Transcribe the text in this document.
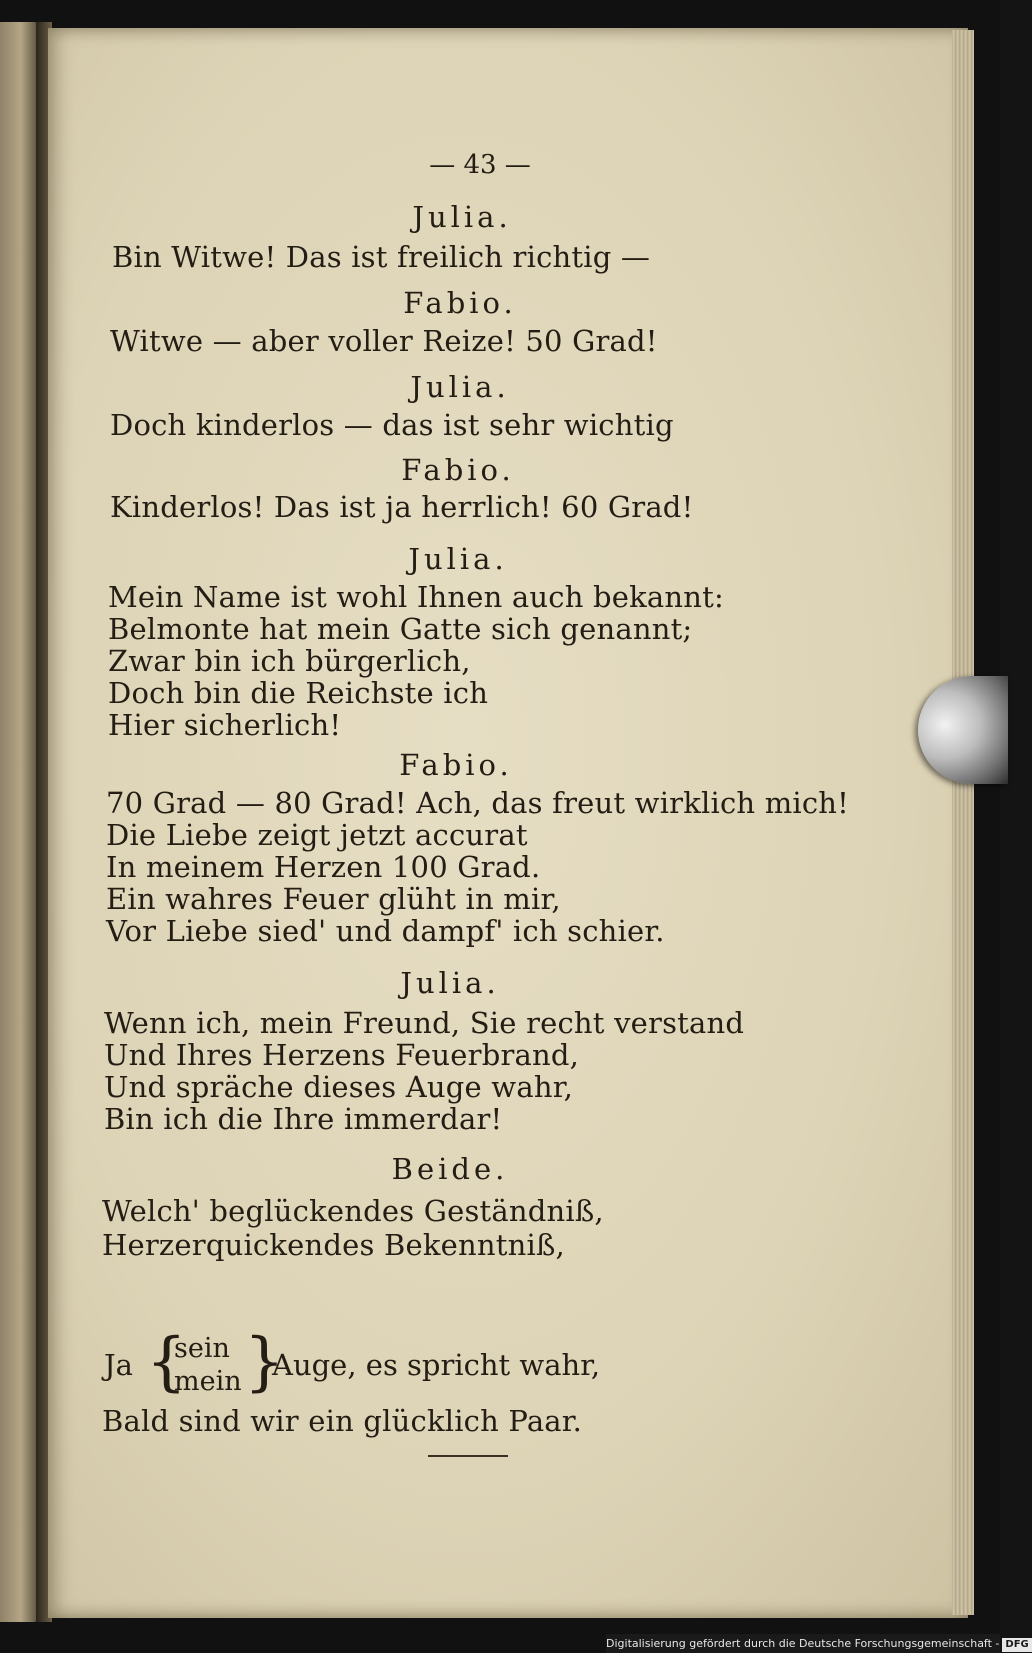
— 43 —
Julia.
Bin Witwe! Das ist freilich richtig —
Fabio.
Witwe — aber voller Reize! 50 Grad!
Julia.
Doch kinderlos — das ist sehr wichtig
Fabio.
Kinderlos! Das ist ja herrlich! 60 Grad!
Julia.
Mein Name ist wohl Ihnen auch bekannt:
Belmonte hat mein Gatte sich genannt;
Zwar bin ich bürgerlich,
Doch bin die Reichste ich
Hier sicherlich!
Fabio.
70 Grad — 80 Grad! Ach, das freut wirklich mich!
Die Liebe zeigt jetzt accurat
In meinem Herzen 100 Grad.
Ein wahres Feuer glüht in mir,
Vor Liebe sied' und dampf' ich schier.
Julia.
Wenn ich, mein Freund, Sie recht verstand
Und Ihres Herzens Feuerbrand,
Und spräche dieses Auge wahr,
Bin ich die Ihre immerdar!
Beide.
Welch' beglückendes Geständniß,
Herzerquickendes Bekenntniß,
Ja {
sein
mein }
Auge, es spricht wahr,
Bald sind wir ein glücklich Paar.
Digitalisierung gefördert durch die Deutsche Forschungsgemeinschaft - DFG
